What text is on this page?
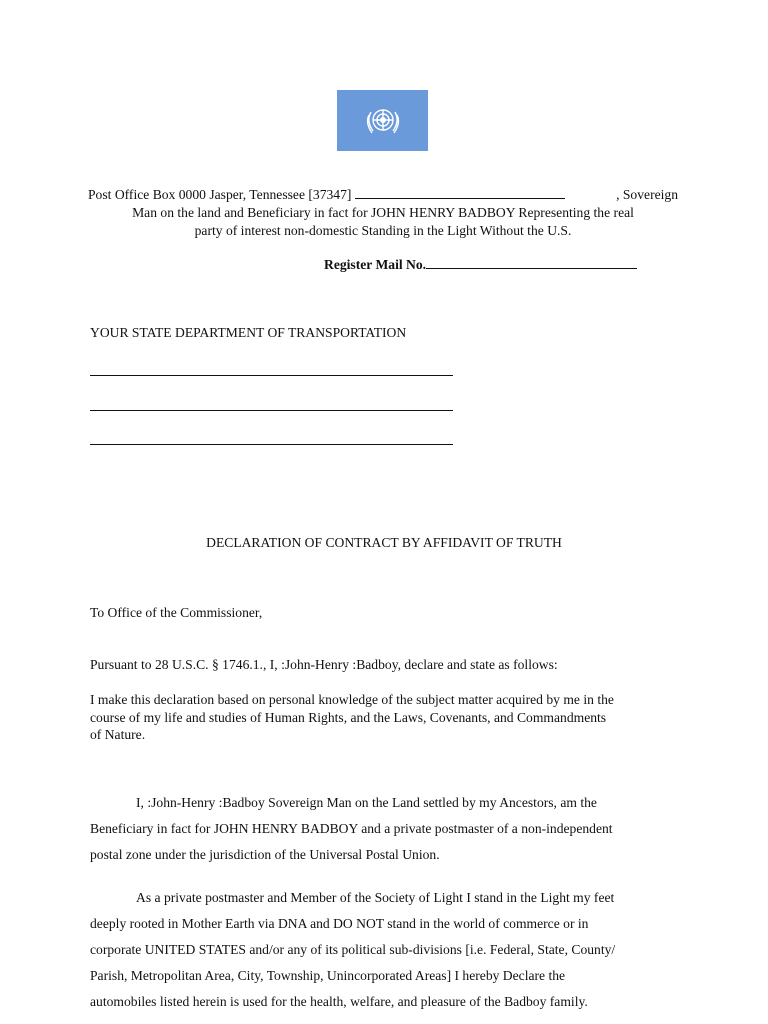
Post Office Box 0000 Jasper, Tennessee [37347]	, Sovereign
Man on the land and Beneficiary in fact for JOHN HENRY BADBOY Representing the real
party of interest non-domestic Standing in the Light Without the U.S.
Register Mail No.
YOUR STATE DEPARTMENT OF TRANSPORTATION
DECLARATION OF CONTRACT BY AFFIDAVIT OF TRUTH
To Office of the Commissioner,
Pursuant to 28 U.S.C. § 1746.1., I, :John-Henry :Badboy, declare and state as follows:
I make this declaration based on personal knowledge of the subject matter acquired by me in the
course of my life and studies of Human Rights, and the Laws, Covenants, and Commandments
of Nature.
I, :John-Henry :Badboy Sovereign Man on the Land settled by my Ancestors, am the
Beneficiary in fact for JOHN HENRY BADBOY and a private postmaster of a non-independent
postal zone under the jurisdiction of the Universal Postal Union.
As a private postmaster and Member of the Society of Light I stand in the Light my feet
deeply rooted in Mother Earth via DNA and DO NOT stand in the world of commerce or in
corporate UNITED STATES and/or any of its political sub-divisions [i.e. Federal, State, County/
Parish, Metropolitan Area, City, Township, Unincorporated Areas] I hereby Declare the
automobiles listed herein is used for the health, welfare, and pleasure of the Badboy family.
